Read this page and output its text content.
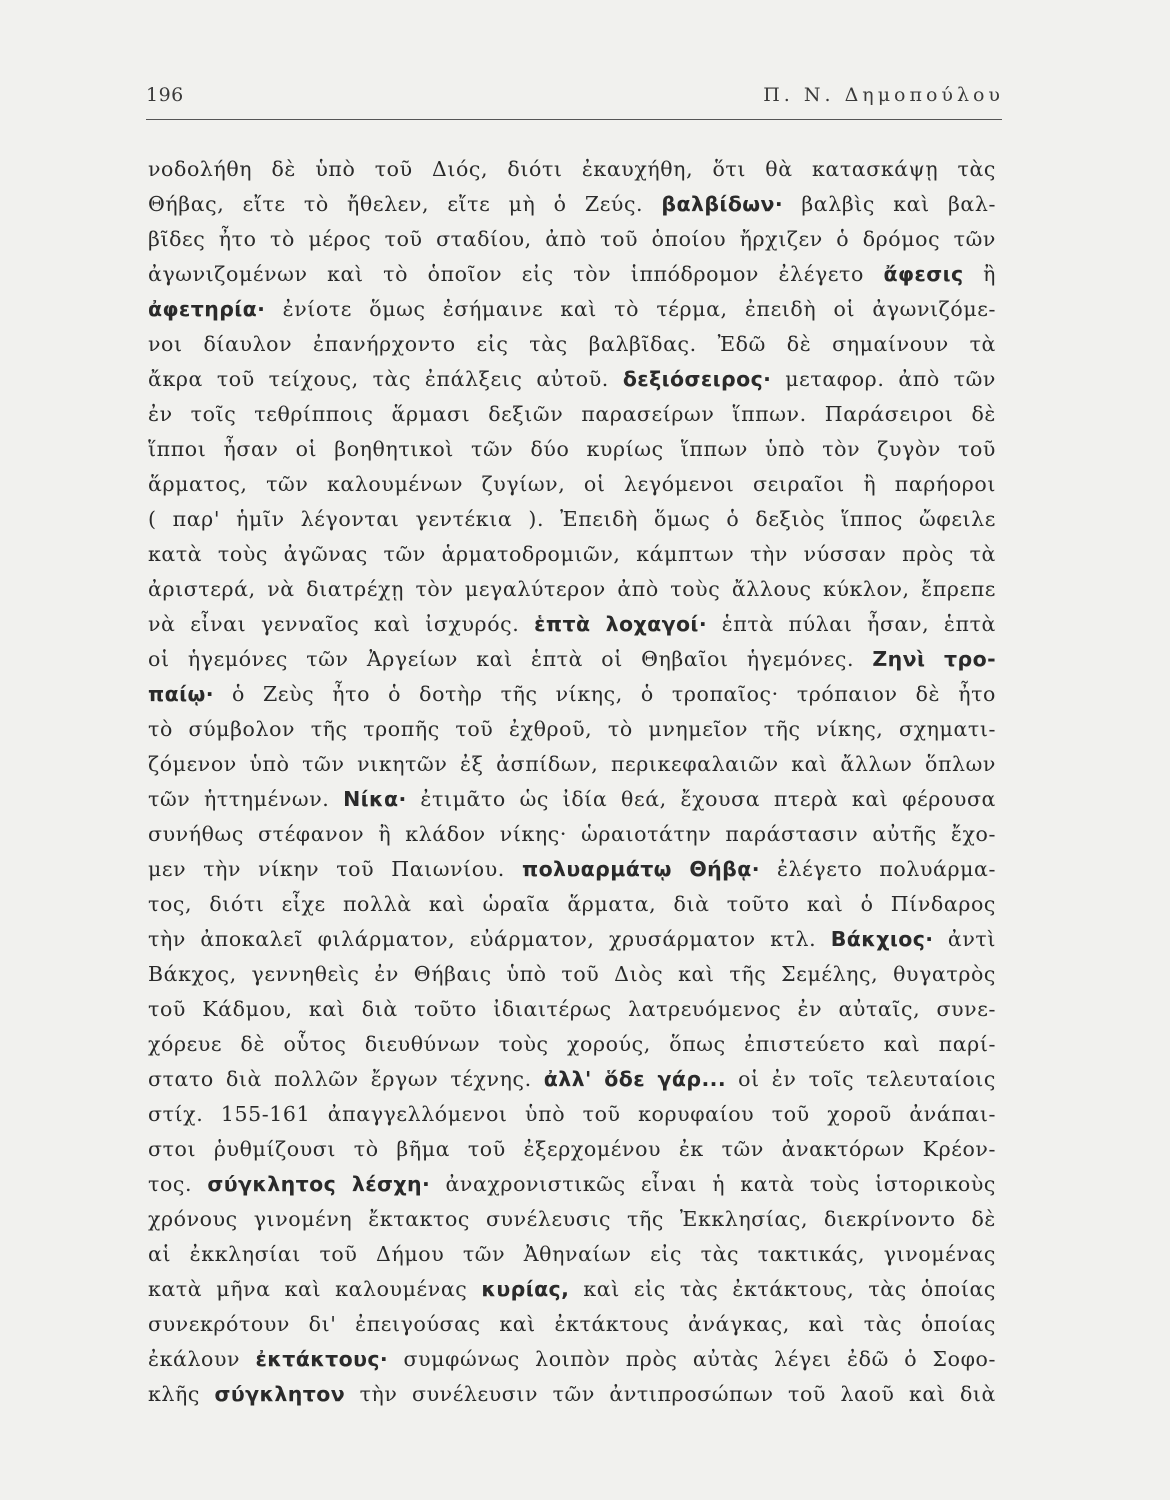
196	Π. Ν. Δημοπούλου
νοδολήθη δὲ ὑπὸ τοῦ Διός, διότι ἐκαυχήθη, ὅτι θὰ κατασκάψῃ τὰς
Θήβας, εἴτε τὸ ἤθελεν, εἴτε μὴ ὁ Ζεύς. βαλβίδων· βαλβὶς καὶ βαλ-
βῖδες ἦτο τὸ μέρος τοῦ σταδίου, ἀπὸ τοῦ ὁποίου ἤρχιζεν ὁ δρόμος τῶν
ἀγωνιζομένων καὶ τὸ ὁποῖον εἰς τὸν ἱππόδρομον ἐλέγετο ἄφεσις ἢ
ἀφετηρία· ἐνίοτε ὅμως ἐσήμαινε καὶ τὸ τέρμα, ἐπειδὴ οἱ ἀγωνιζόμε-
νοι δίαυλον ἐπανήρχοντο εἰς τὰς βαλβῖδας. Ἐδῶ δὲ σημαίνουν τὰ
ἄκρα τοῦ τείχους, τὰς ἐπάλξεις αὐτοῦ. δεξιόσειρος· μεταφορ. ἀπὸ τῶν
ἐν τοῖς τεθρίπποις ἅρμασι δεξιῶν παρασείρων ἵππων. Παράσειροι δὲ
ἵπποι ἦσαν οἱ βοηθητικοὶ τῶν δύο κυρίως ἵππων ὑπὸ τὸν ζυγὸν τοῦ
ἅρματος, τῶν καλουμένων ζυγίων, οἱ λεγόμενοι σειραῖοι ἢ παρήοροι
( παρ' ἡμῖν λέγονται γεντέκια ). Ἐπειδὴ ὅμως ὁ δεξιὸς ἵππος ὤφειλε
κατὰ τοὺς ἀγῶνας τῶν ἁρματοδρομιῶν, κάμπτων τὴν νύσσαν πρὸς τὰ
ἀριστερά, νὰ διατρέχῃ τὸν μεγαλύτερον ἀπὸ τοὺς ἄλλους κύκλον, ἔπρεπε
νὰ εἶναι γενναῖος καὶ ἰσχυρός. ἑπτὰ λοχαγοί· ἑπτὰ πύλαι ἦσαν, ἑπτὰ
οἱ ἡγεμόνες τῶν Ἀργείων καὶ ἑπτὰ οἱ Θηβαῖοι ἡγεμόνες. Ζηνὶ τρο-
παίῳ· ὁ Ζεὺς ἦτο ὁ δοτὴρ τῆς νίκης, ὁ τροπαῖος· τρόπαιον δὲ ἦτο
τὸ σύμβολον τῆς τροπῆς τοῦ ἐχθροῦ, τὸ μνημεῖον τῆς νίκης, σχηματι-
ζόμενον ὑπὸ τῶν νικητῶν ἐξ ἀσπίδων, περικεφαλαιῶν καὶ ἄλλων ὅπλων
τῶν ἡττημένων. Νίκα· ἐτιμᾶτο ὡς ἰδία θεά, ἔχουσα πτερὰ καὶ φέρουσα
συνήθως στέφανον ἢ κλάδον νίκης· ὡραιοτάτην παράστασιν αὐτῆς ἔχο-
μεν τὴν νίκην τοῦ Παιωνίου. πολυαρμάτῳ Θήβᾳ· ἐλέγετο πολυάρμα-
τος, διότι εἶχε πολλὰ καὶ ὡραῖα ἅρματα, διὰ τοῦτο καὶ ὁ Πίνδαρος
τὴν ἀποκαλεῖ φιλάρματον, εὐάρματον, χρυσάρματον κτλ. Βάκχιος· ἀντὶ
Βάκχος, γεννηθεὶς ἐν Θήβαις ὑπὸ τοῦ Διὸς καὶ τῆς Σεμέλης, θυγατρὸς
τοῦ Κάδμου, καὶ διὰ τοῦτο ἰδιαιτέρως λατρευόμενος ἐν αὐταῖς, συνε-
χόρευε δὲ οὗτος διευθύνων τοὺς χορούς, ὅπως ἐπιστεύετο καὶ παρί-
στατο διὰ πολλῶν ἔργων τέχνης. ἀλλ' ὅδε γάρ... οἱ ἐν τοῖς τελευταίοις
στίχ. 155-161 ἀπαγγελλόμενοι ὑπὸ τοῦ κορυφαίου τοῦ χοροῦ ἀνάπαι-
στοι ῥυθμίζουσι τὸ βῆμα τοῦ ἐξερχομένου ἐκ τῶν ἀνακτόρων Κρέον-
τος. σύγκλητος λέσχη· ἀναχρονιστικῶς εἶναι ἡ κατὰ τοὺς ἱστορικοὺς
χρόνους γινομένη ἔκτακτος συνέλευσις τῆς Ἐκκλησίας, διεκρίνοντο δὲ
αἱ ἐκκλησίαι τοῦ Δήμου τῶν Ἀθηναίων εἰς τὰς τακτικάς, γινομένας
κατὰ μῆνα καὶ καλουμένας κυρίας, καὶ εἰς τὰς ἐκτάκτους, τὰς ὁποίας
συνεκρότουν δι' ἐπειγούσας καὶ ἐκτάκτους ἀνάγκας, καὶ τὰς ὁποίας
ἐκάλουν ἐκτάκτους· συμφώνως λοιπὸν πρὸς αὐτὰς λέγει ἐδῶ ὁ Σοφο-
κλῆς σύγκλητον τὴν συνέλευσιν τῶν ἀντιπροσώπων τοῦ λαοῦ καὶ διὰ
